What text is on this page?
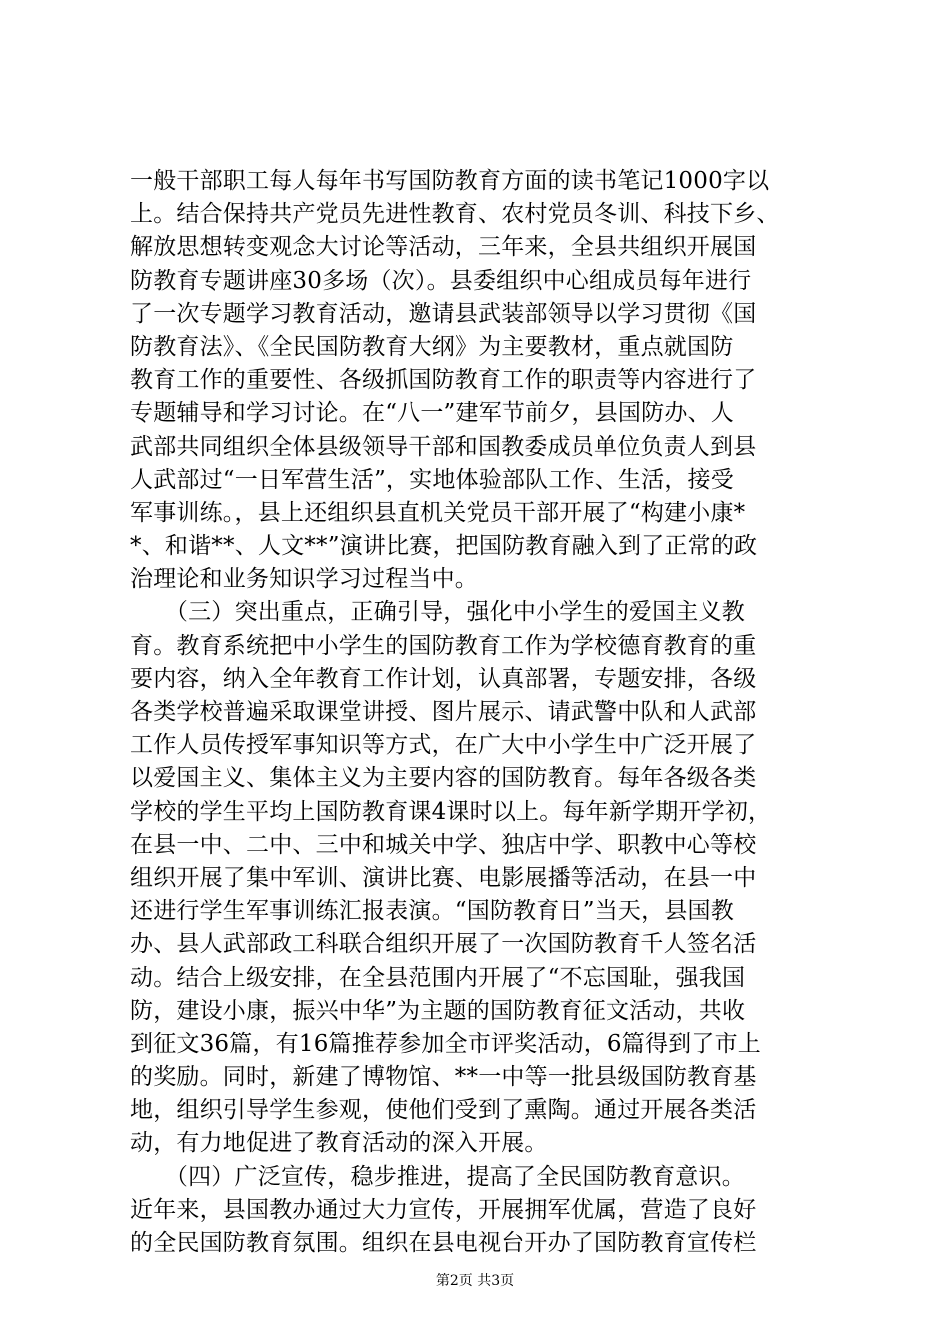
一般干部职工每人每年书写国防教育方面的读书笔记1000字以
上。结合保持共产党员先进性教育、农村党员冬训、科技下乡、
解放思想转变观念大讨论等活动，三年来，全县共组织开展国
防教育专题讲座30多场（次）。县委组织中心组成员每年进行
了一次专题学习教育活动，邀请县武装部领导以学习贯彻《国
防教育法》、《全民国防教育大纲》为主要教材，重点就国防
教育工作的重要性、各级抓国防教育工作的职责等内容进行了
专题辅导和学习讨论。在“八一”建军节前夕，县国防办、人
武部共同组织全体县级领导干部和国教委成员单位负责人到县
人武部过“一日军营生活”，实地体验部队工作、生活，接受
军事训练。，县上还组织县直机关党员干部开展了“构建小康*
*、和谐**、人文**”演讲比赛，把国防教育融入到了正常的政
治理论和业务知识学习过程当中。
　　（三）突出重点，正确引导，强化中小学生的爱国主义教
育。教育系统把中小学生的国防教育工作为学校德育教育的重
要内容，纳入全年教育工作计划，认真部署，专题安排，各级
各类学校普遍采取课堂讲授、图片展示、请武警中队和人武部
工作人员传授军事知识等方式，在广大中小学生中广泛开展了
以爱国主义、集体主义为主要内容的国防教育。每年各级各类
学校的学生平均上国防教育课4课时以上。每年新学期开学初，
在县一中、二中、三中和城关中学、独店中学、职教中心等校
组织开展了集中军训、演讲比赛、电影展播等活动，在县一中
还进行学生军事训练汇报表演。“国防教育日”当天，县国教
办、县人武部政工科联合组织开展了一次国防教育千人签名活
动。结合上级安排，在全县范围内开展了“不忘国耻，强我国
防，建设小康，振兴中华”为主题的国防教育征文活动，共收
到征文36篇，有16篇推荐参加全市评奖活动，6篇得到了市上
的奖励。同时，新建了博物馆、**一中等一批县级国防教育基
地，组织引导学生参观，使他们受到了熏陶。通过开展各类活
动，有力地促进了教育活动的深入开展。
　　（四）广泛宣传，稳步推进，提高了全民国防教育意识。
近年来，县国教办通过大力宣传，开展拥军优属，营造了良好
的全民国防教育氛围。组织在县电视台开办了国防教育宣传栏
第2页 共3页
